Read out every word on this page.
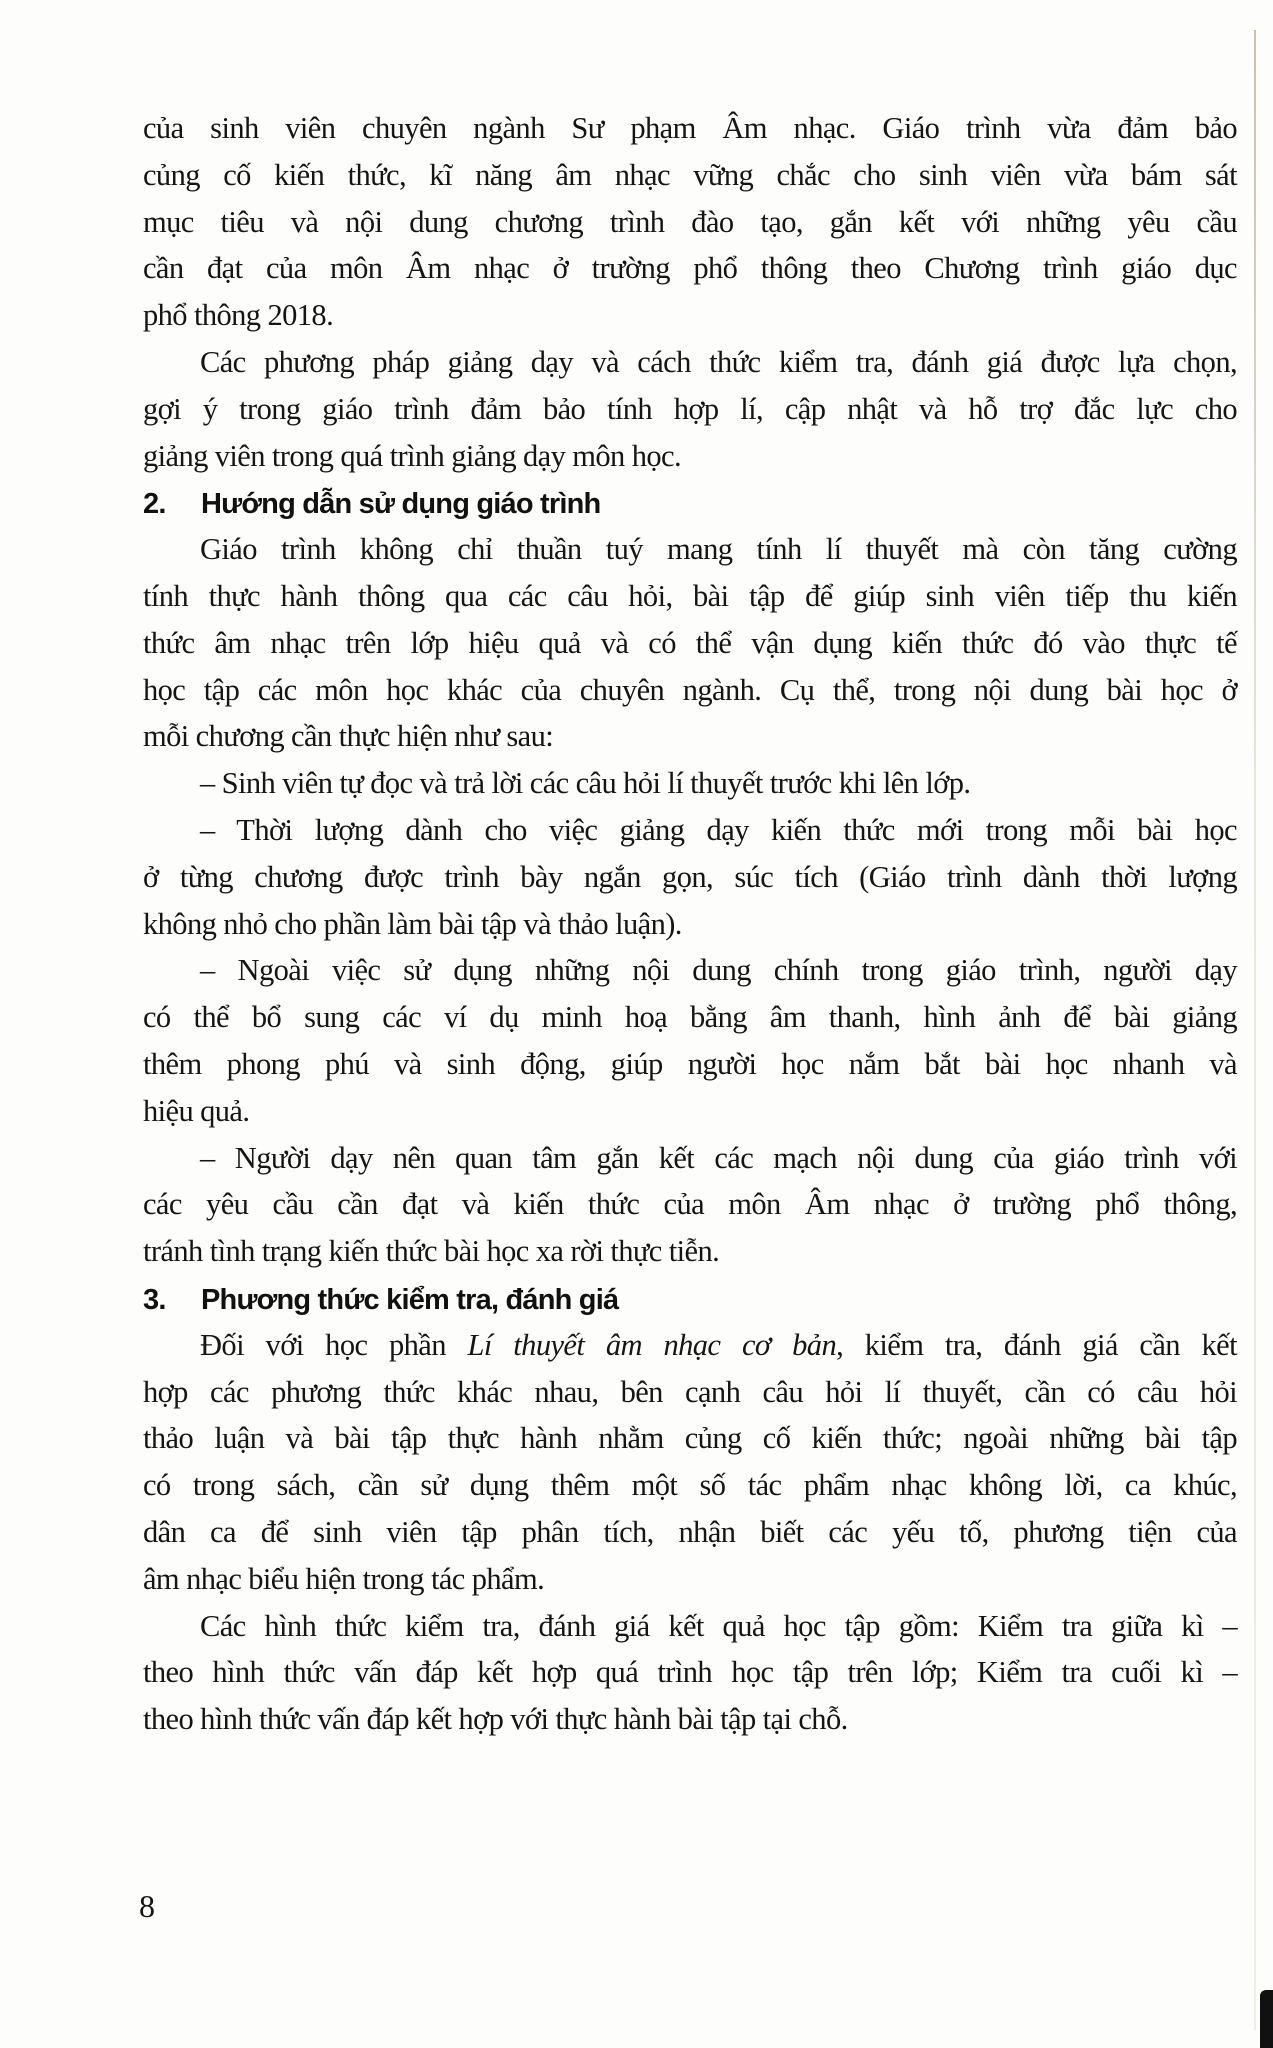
của sinh viên chuyên ngành Sư phạm Âm nhạc. Giáo trình vừa đảm bảo
củng cố kiến thức, kĩ năng âm nhạc vững chắc cho sinh viên vừa bám sát
mục tiêu và nội dung chương trình đào tạo, gắn kết với những yêu cầu
cần đạt của môn Âm nhạc ở trường phổ thông theo Chương trình giáo dục
phổ thông 2018.
Các phương pháp giảng dạy và cách thức kiểm tra, đánh giá được lựa chọn,
gợi ý trong giáo trình đảm bảo tính hợp lí, cập nhật và hỗ trợ đắc lực cho
giảng viên trong quá trình giảng dạy môn học.
2. Hướng dẫn sử dụng giáo trình
Giáo trình không chỉ thuần tuý mang tính lí thuyết mà còn tăng cường
tính thực hành thông qua các câu hỏi, bài tập để giúp sinh viên tiếp thu kiến
thức âm nhạc trên lớp hiệu quả và có thể vận dụng kiến thức đó vào thực tế
học tập các môn học khác của chuyên ngành. Cụ thể, trong nội dung bài học ở
mỗi chương cần thực hiện như sau:
– Sinh viên tự đọc và trả lời các câu hỏi lí thuyết trước khi lên lớp.
– Thời lượng dành cho việc giảng dạy kiến thức mới trong mỗi bài học
ở từng chương được trình bày ngắn gọn, súc tích (Giáo trình dành thời lượng
không nhỏ cho phần làm bài tập và thảo luận).
– Ngoài việc sử dụng những nội dung chính trong giáo trình, người dạy
có thể bổ sung các ví dụ minh hoạ bằng âm thanh, hình ảnh để bài giảng
thêm phong phú và sinh động, giúp người học nắm bắt bài học nhanh và
hiệu quả.
– Người dạy nên quan tâm gắn kết các mạch nội dung của giáo trình với
các yêu cầu cần đạt và kiến thức của môn Âm nhạc ở trường phổ thông,
tránh tình trạng kiến thức bài học xa rời thực tiễn.
3. Phương thức kiểm tra, đánh giá
Đối với học phần Lí thuyết âm nhạc cơ bản, kiểm tra, đánh giá cần kết
hợp các phương thức khác nhau, bên cạnh câu hỏi lí thuyết, cần có câu hỏi
thảo luận và bài tập thực hành nhằm củng cố kiến thức; ngoài những bài tập
có trong sách, cần sử dụng thêm một số tác phẩm nhạc không lời, ca khúc,
dân ca để sinh viên tập phân tích, nhận biết các yếu tố, phương tiện của
âm nhạc biểu hiện trong tác phẩm.
Các hình thức kiểm tra, đánh giá kết quả học tập gồm: Kiểm tra giữa kì –
theo hình thức vấn đáp kết hợp quá trình học tập trên lớp; Kiểm tra cuối kì –
theo hình thức vấn đáp kết hợp với thực hành bài tập tại chỗ.
8
